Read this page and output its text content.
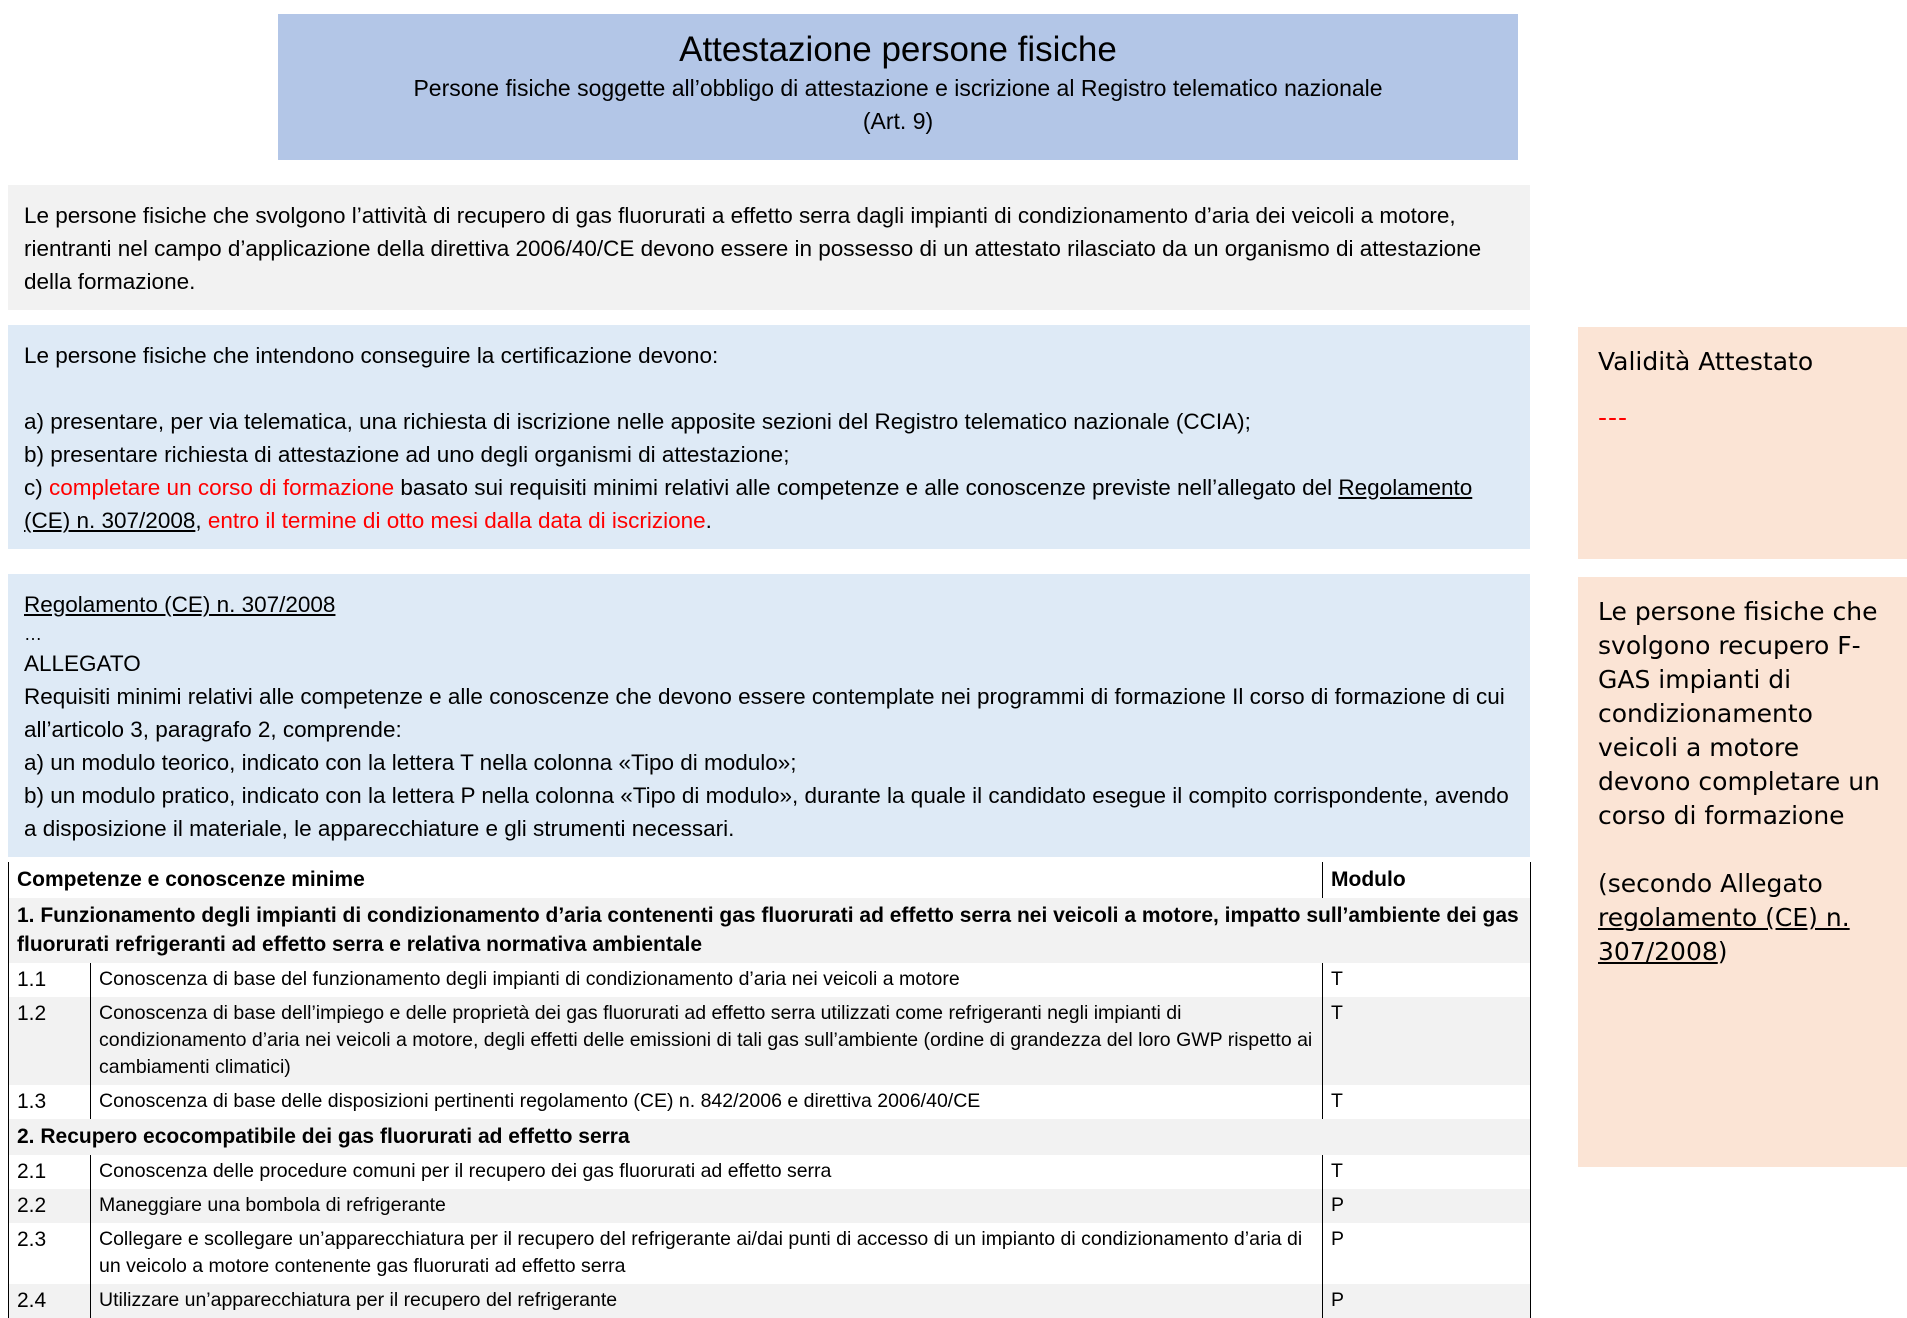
Attestazione persone fisiche
Persone fisiche soggette all’obbligo di attestazione e iscrizione al Registro telematico nazionale
(Art. 9)
Le persone fisiche che svolgono l’attività di recupero di gas fluorurati a effetto serra dagli impianti di condizionamento d’aria dei veicoli a motore, rientranti nel campo d’applicazione della direttiva 2006/40/CE devono essere in possesso di un attestato rilasciato da un organismo di attestazione della formazione.
Le persone fisiche che intendono conseguire la certificazione devono:
a) presentare, per via telematica, una richiesta di iscrizione nelle apposite sezioni del Registro telematico nazionale (CCIA);
b) presentare richiesta di attestazione ad uno degli organismi di attestazione;
c) completare un corso di formazione basato sui requisiti minimi relativi alle competenze e alle conoscenze previste nell’allegato del Regolamento (CE) n. 307/2008, entro il termine di otto mesi dalla data di iscrizione.
Regolamento (CE) n. 307/2008
…
ALLEGATO
Requisiti minimi relativi alle competenze e alle conoscenze che devono essere contemplate nei programmi di formazione Il corso di formazione di cui all’articolo 3, paragrafo 2, comprende:
a) un modulo teorico, indicato con la lettera T nella colonna «Tipo di modulo»;
b) un modulo pratico, indicato con la lettera P nella colonna «Tipo di modulo», durante la quale il candidato esegue il compito corrispondente, avendo a disposizione il materiale, le apparecchiature e gli strumenti necessari.
Competenze e conoscenze minime		Modulo
1. Funzionamento degli impianti di condizionamento d’aria contenenti gas fluorurati ad effetto serra nei veicoli a motore, impatto sull’ambiente dei gas fluorurati refrigeranti ad effetto serra e relativa normativa ambientale		
1.1	Conoscenza di base del funzionamento degli impianti di condizionamento d’aria nei veicoli a motore	T
1.2	Conoscenza di base dell’impiego e delle proprietà dei gas fluorurati ad effetto serra utilizzati come refrigeranti negli impianti di condizionamento d’aria nei veicoli a motore, degli effetti delle emissioni di tali gas sull’ambiente (ordine di grandezza del loro GWP rispetto ai cambiamenti climatici)	T
1.3	Conoscenza di base delle disposizioni pertinenti regolamento (CE) n. 842/2006 e direttiva 2006/40/CE	T
2. Recupero ecocompatibile dei gas fluorurati ad effetto serra		
2.1	Conoscenza delle procedure comuni per il recupero dei gas fluorurati ad effetto serra	T
2.2	Maneggiare una bombola di refrigerante	P
2.3	Collegare e scollegare un’apparecchiatura per il recupero del refrigerante ai/dai punti di accesso di un impianto di condizionamento d’aria di un veicolo a motore contenente gas fluorurati ad effetto serra	P
2.4	Utilizzare un’apparecchiatura per il recupero del refrigerante	P
Validità Attestato
---
Le persone fisiche che svolgono recupero F-GAS impianti di condizionamento veicoli a motore devono completare un corso di formazione
(secondo Allegato regolamento (CE) n. 307/2008)
